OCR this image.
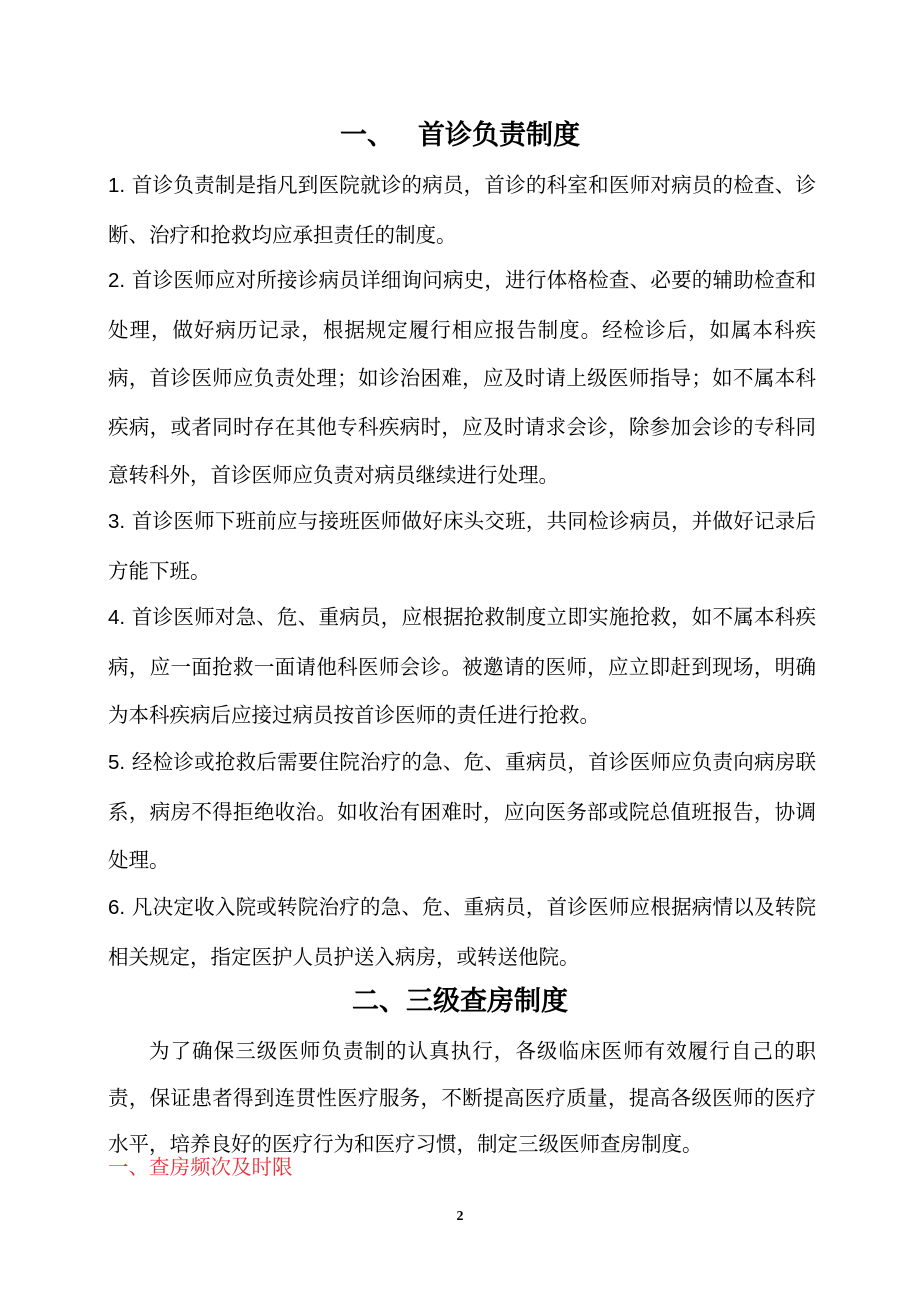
一、 首诊负责制度
1. 首诊负责制是指凡到医院就诊的病员，首诊的科室和医师对病员的检查、诊断、治疗和抢救均应承担责任的制度。
2. 首诊医师应对所接诊病员详细询问病史，进行体格检查、必要的辅助检查和处理，做好病历记录，根据规定履行相应报告制度。经检诊后，如属本科疾病，首诊医师应负责处理；如诊治困难，应及时请上级医师指导；如不属本科疾病，或者同时存在其他专科疾病时，应及时请求会诊，除参加会诊的专科同意转科外，首诊医师应负责对病员继续进行处理。
3. 首诊医师下班前应与接班医师做好床头交班，共同检诊病员，并做好记录后方能下班。
4. 首诊医师对急、危、重病员，应根据抢救制度立即实施抢救，如不属本科疾病，应一面抢救一面请他科医师会诊。被邀请的医师，应立即赶到现场，明确为本科疾病后应接过病员按首诊医师的责任进行抢救。
5. 经检诊或抢救后需要住院治疗的急、危、重病员，首诊医师应负责向病房联系，病房不得拒绝收治。如收治有困难时，应向医务部或院总值班报告，协调处理。
6. 凡决定收入院或转院治疗的急、危、重病员，首诊医师应根据病情以及转院相关规定，指定医护人员护送入病房，或转送他院。
二、三级查房制度
为了确保三级医师负责制的认真执行，各级临床医师有效履行自己的职责，保证患者得到连贯性医疗服务，不断提高医疗质量，提高各级医师的医疗水平，培养良好的医疗行为和医疗习惯，制定三级医师查房制度。
一、查房频次及时限
2
